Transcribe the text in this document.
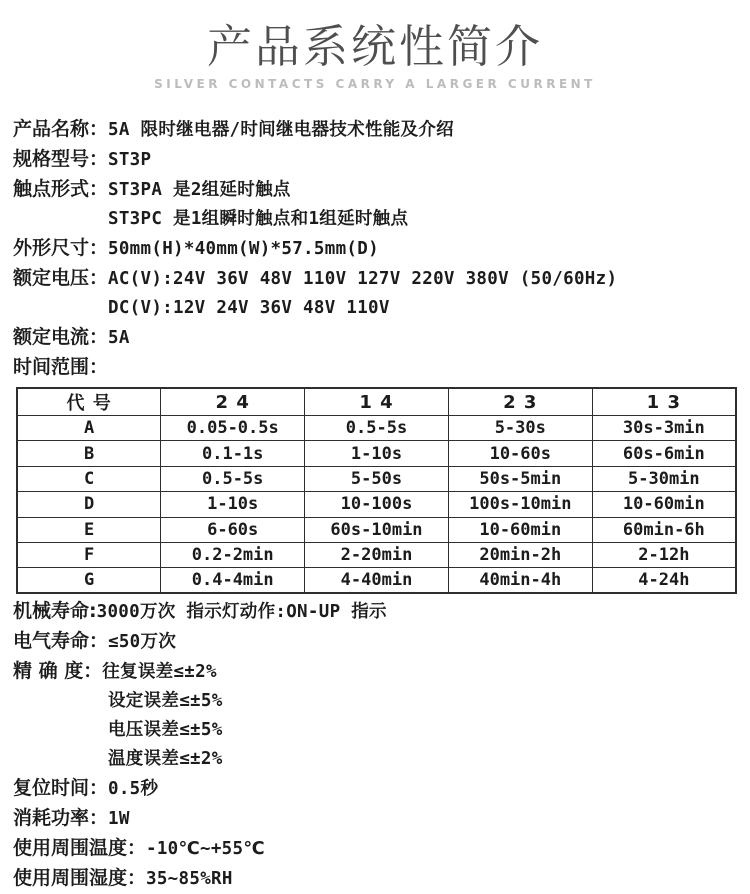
产品系统性简介
SILVER CONTACTS CARRY A LARGER CURRENT
产品名称： 5A 限时继电器/时间继电器技术性能及介绍
规格型号： ST3P
触点形式： ST3PA 是2组延时触点
ST3PC 是1组瞬时触点和1组延时触点
外形尺寸： 50mm(H)*40mm(W)*57.5mm(D)
额定电压： AC(V):24V 36V 48V 110V 127V 220V 380V (50/60Hz)
DC(V):12V 24V 36V 48V 110V
额定电流： 5A
时间范围：
代 号	2 4	1 4	2 3	1 3
A	0.05-0.5s	0.5-5s	5-30s	30s-3min
B	0.1-1s	1-10s	10-60s	60s-6min
C	0.5-5s	5-50s	50s-5min	5-30min
D	1-10s	10-100s	100s-10min	10-60min
E	6-60s	60s-10min	10-60min	60min-6h
F	0.2-2min	2-20min	20min-2h	2-12h
G	0.4-4min	4-40min	40min-4h	4-24h
机械寿命: 3000万次 指示灯动作:ON-UP 指示
电气寿命： ≤50万次
精 确 度： 往复误差≤±2%
设定误差≤±5%
电压误差≤±5%
温度误差≤±2%
复位时间： 0.5秒
消耗功率： 1W
使用周围温度： -10℃~+55℃
使用周围湿度： 35~85%RH
